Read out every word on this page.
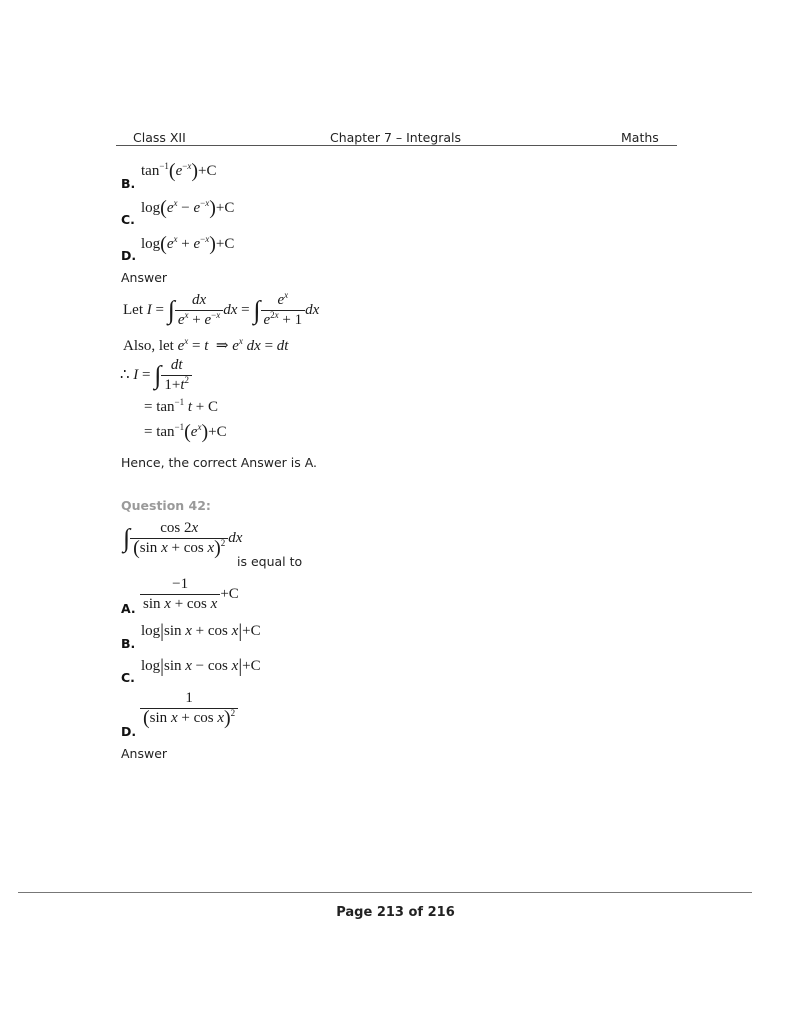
Class XII	Chapter 7 – Integrals	Maths
B.
$\tan^{-1}(e^{-x})+C$
C.
$\log(e^x - e^{-x})+C$
D.
$\log(e^x + e^{-x})+C$
Answer
Let I = ∫ $\frac{dx}{e^x + e^{-x}}$ dx = ∫ $\frac{e^x}{e^{2x} + 1}$ dx
Also, let $e^x = t$  ⇒ $e^x$ dx = dt
∴ I = ∫ $\frac{dt}{1+t^2}$
= $\tan^{-1} t + C$
= $\tan^{-1}(e^x)+C$
Hence, the correct Answer is A.
Question 42:
∫ $\frac{\cos 2x}{(\sin x + \cos x)^2}$ dx
is equal to
A. $\frac{-1}{\text{sin x + cos x}} +C$
B.
log|sin x + cos x|+C
C.
log|sin x − cos x|+C
D.
$\frac{1}{(\sin x + \cos x)^2}$
Answer
Page 213 of 216
